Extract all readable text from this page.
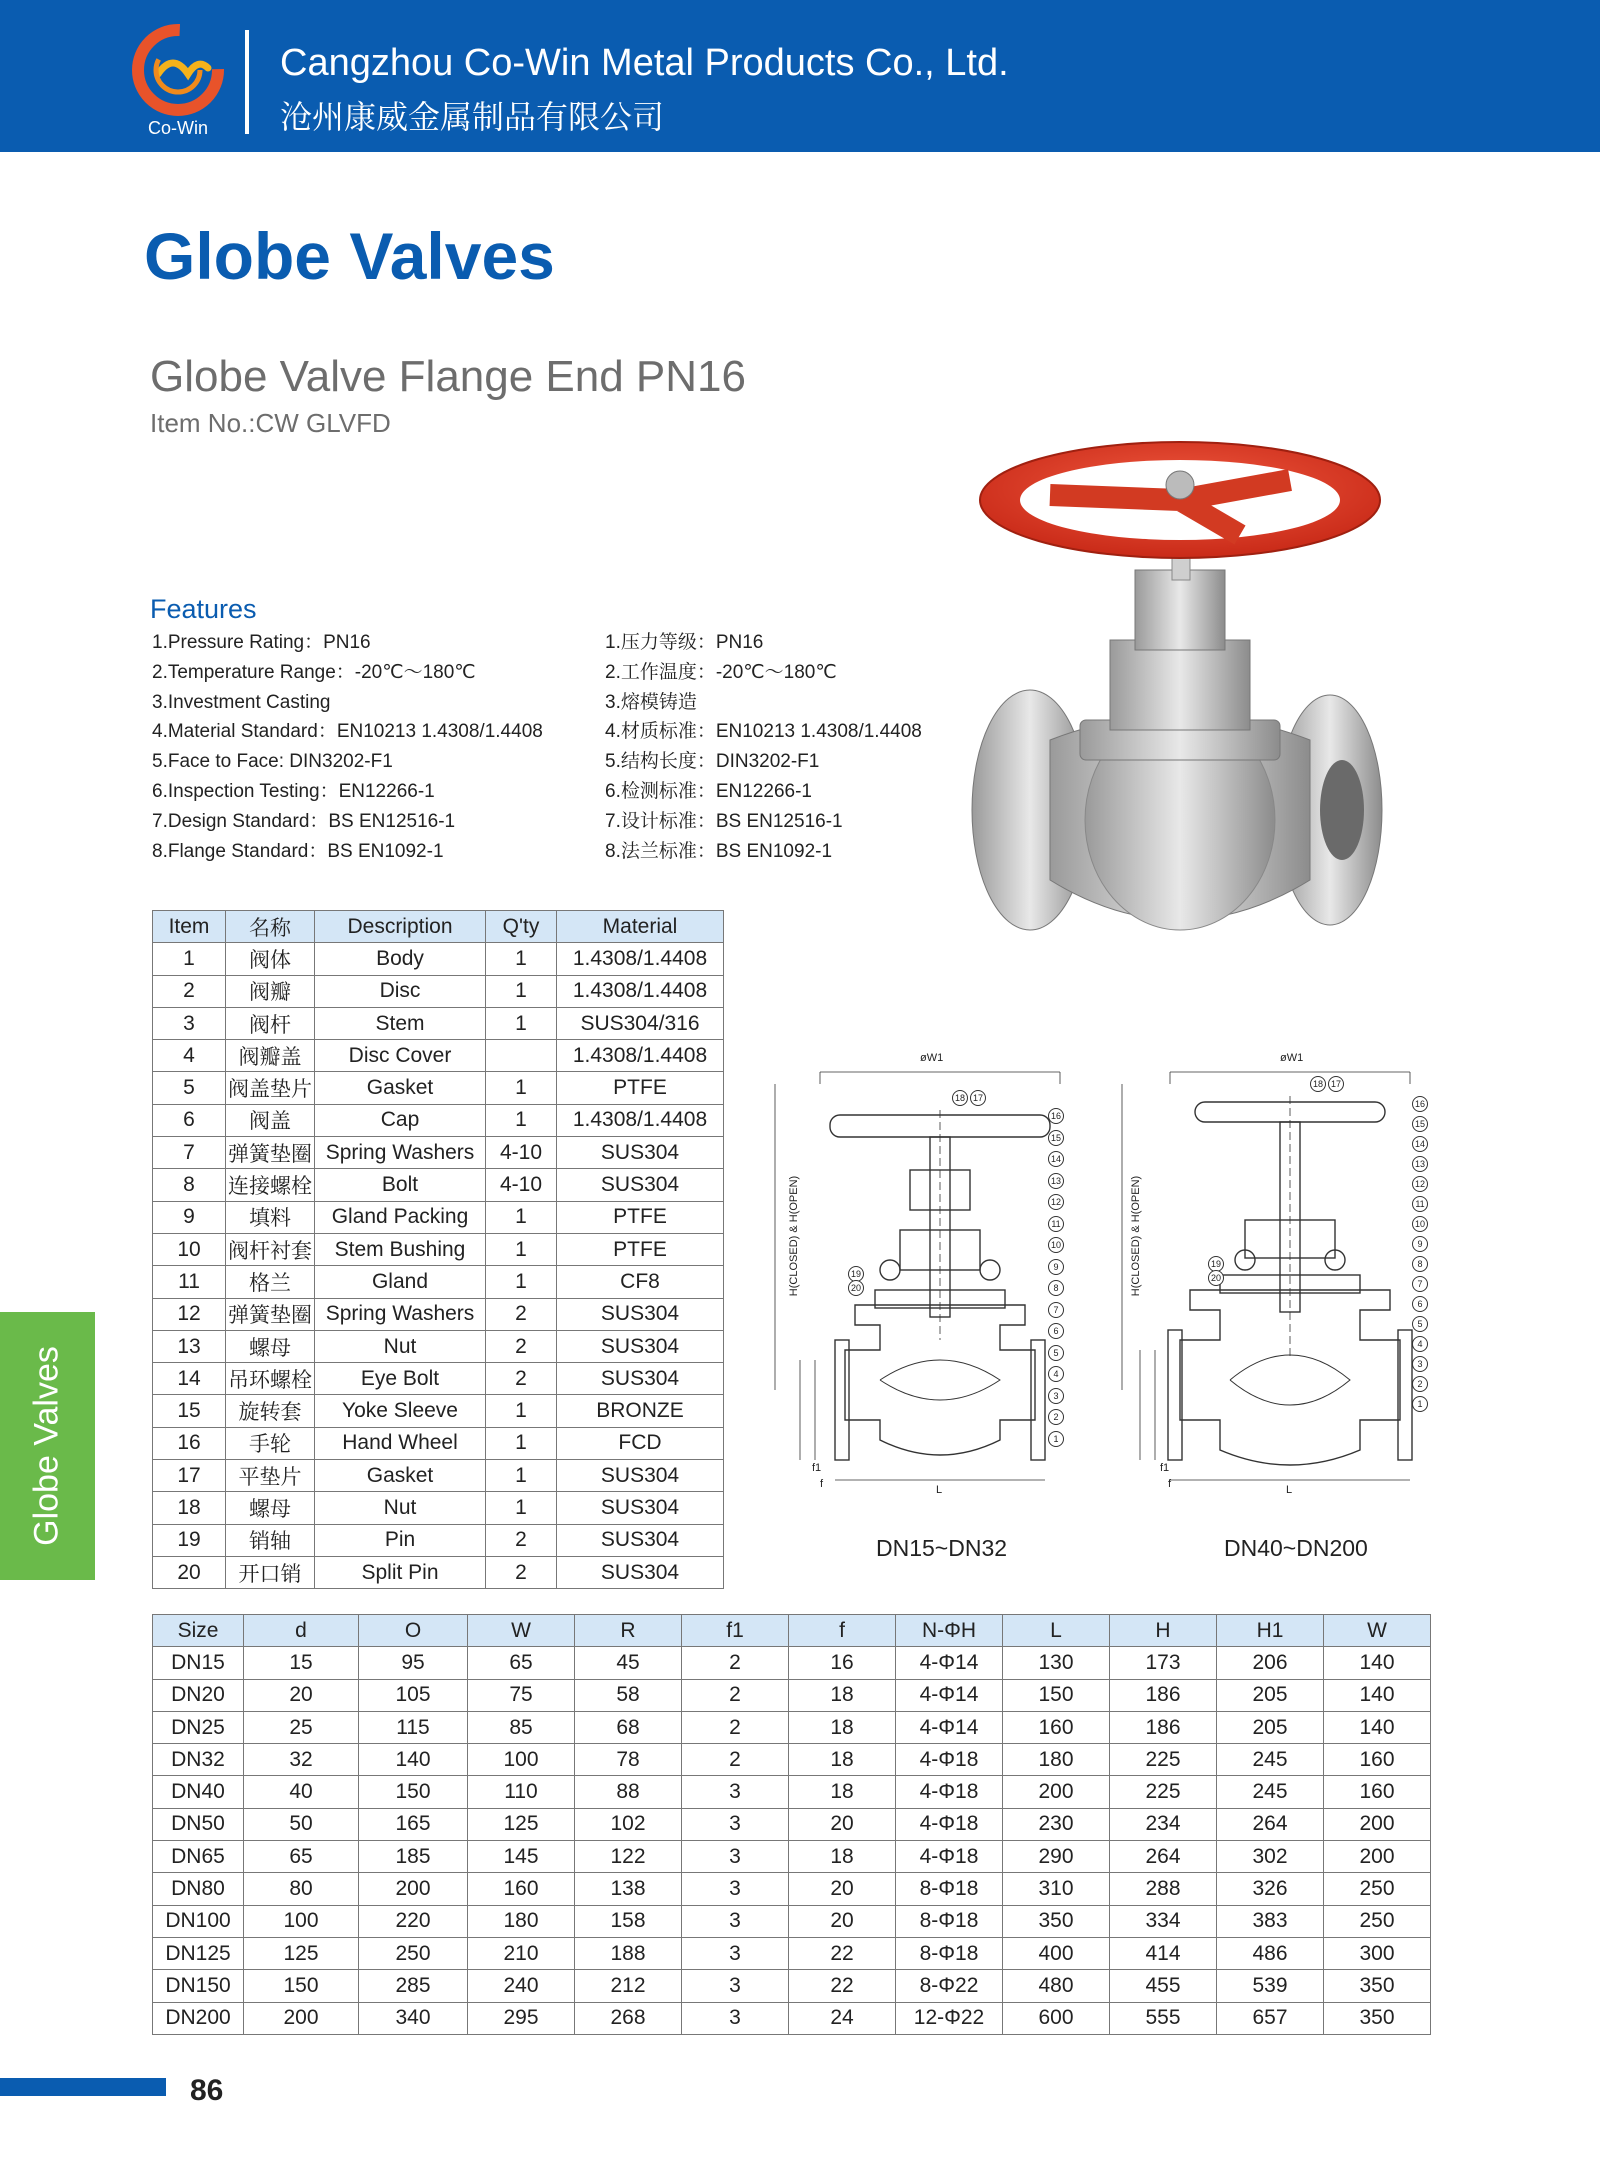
Co-Win
Cangzhou Co-Win Metal Products Co., Ltd.
沧州康威金属制品有限公司
Globe Valves
Globe Valve Flange End PN16
Item No.:CW GLVFD
Features
1.Pressure Rating：PN16
2.Temperature Range：-20℃～180℃
3.Investment Casting
4.Material Standard：EN10213 1.4308/1.4408
5.Face to Face: DIN3202-F1
6.Inspection Testing：EN12266-1
7.Design Standard：BS EN12516-1
8.Flange Standard：BS EN1092-1
1.压力等级：PN16
2.工作温度：-20℃～180℃
3.熔模铸造
4.材质标准：EN10213 1.4308/1.4408
5.结构长度：DIN3202-F1
6.检测标准：EN12266-1
7.设计标准：BS EN12516-1
8.法兰标准：BS EN1092-1
Item	名称	Description	Q'ty	Material
1	阀体	Body	1	1.4308/1.4408
2	阀瓣	Disc	1	1.4308/1.4408
3	阀杆	Stem	1	SUS304/316
4	阀瓣盖	Disc Cover		1.4308/1.4408
5	阀盖垫片	Gasket	1	PTFE
6	阀盖	Cap	1	1.4308/1.4408
7	弹簧垫圈	Spring Washers	4-10	SUS304
8	连接螺栓	Bolt	4-10	SUS304
9	填料	Gland Packing	1	PTFE
10	阀杆衬套	Stem Bushing	1	PTFE
11	格兰	Gland	1	CF8
12	弹簧垫圈	Spring Washers	2	SUS304
13	螺母	Nut	2	SUS304
14	吊环螺栓	Eye Bolt	2	SUS304
15	旋转套	Yoke Sleeve	1	BRONZE
16	手轮	Hand Wheel	1	FCD
17	平垫片	Gasket	1	SUS304
18	螺母	Nut	1	SUS304
19	销轴	Pin	2	SUS304
20	开口销	Split Pin	2	SUS304
øW1
H(CLOSED) & H(OPEN)
L
f1
f
18 17
16
15
14
13
12
11
10
9
8
7
6
5
4
3
2
1
19
20
DN15~DN32
øW1
H(CLOSED) & H(OPEN)
L
f1
f
18 17
16
15
14
13
12
11
10
9
8
7
6
5
4
3
2
1
19
20
DN40~DN200
Size	d	O	W	R	f1	f	N-ΦH	L	H	H1	W
DN15	15	95	65	45	2	16	4-Φ14	130	173	206	140
DN20	20	105	75	58	2	18	4-Φ14	150	186	205	140
DN25	25	115	85	68	2	18	4-Φ14	160	186	205	140
DN32	32	140	100	78	2	18	4-Φ18	180	225	245	160
DN40	40	150	110	88	3	18	4-Φ18	200	225	245	160
DN50	50	165	125	102	3	20	4-Φ18	230	234	264	200
DN65	65	185	145	122	3	18	4-Φ18	290	264	302	200
DN80	80	200	160	138	3	20	8-Φ18	310	288	326	250
DN100	100	220	180	158	3	20	8-Φ18	350	334	383	250
DN125	125	250	210	188	3	22	8-Φ18	400	414	486	300
DN150	150	285	240	212	3	22	8-Φ22	480	455	539	350
DN200	200	340	295	268	3	24	12-Φ22	600	555	657	350
Globe Valves
86
